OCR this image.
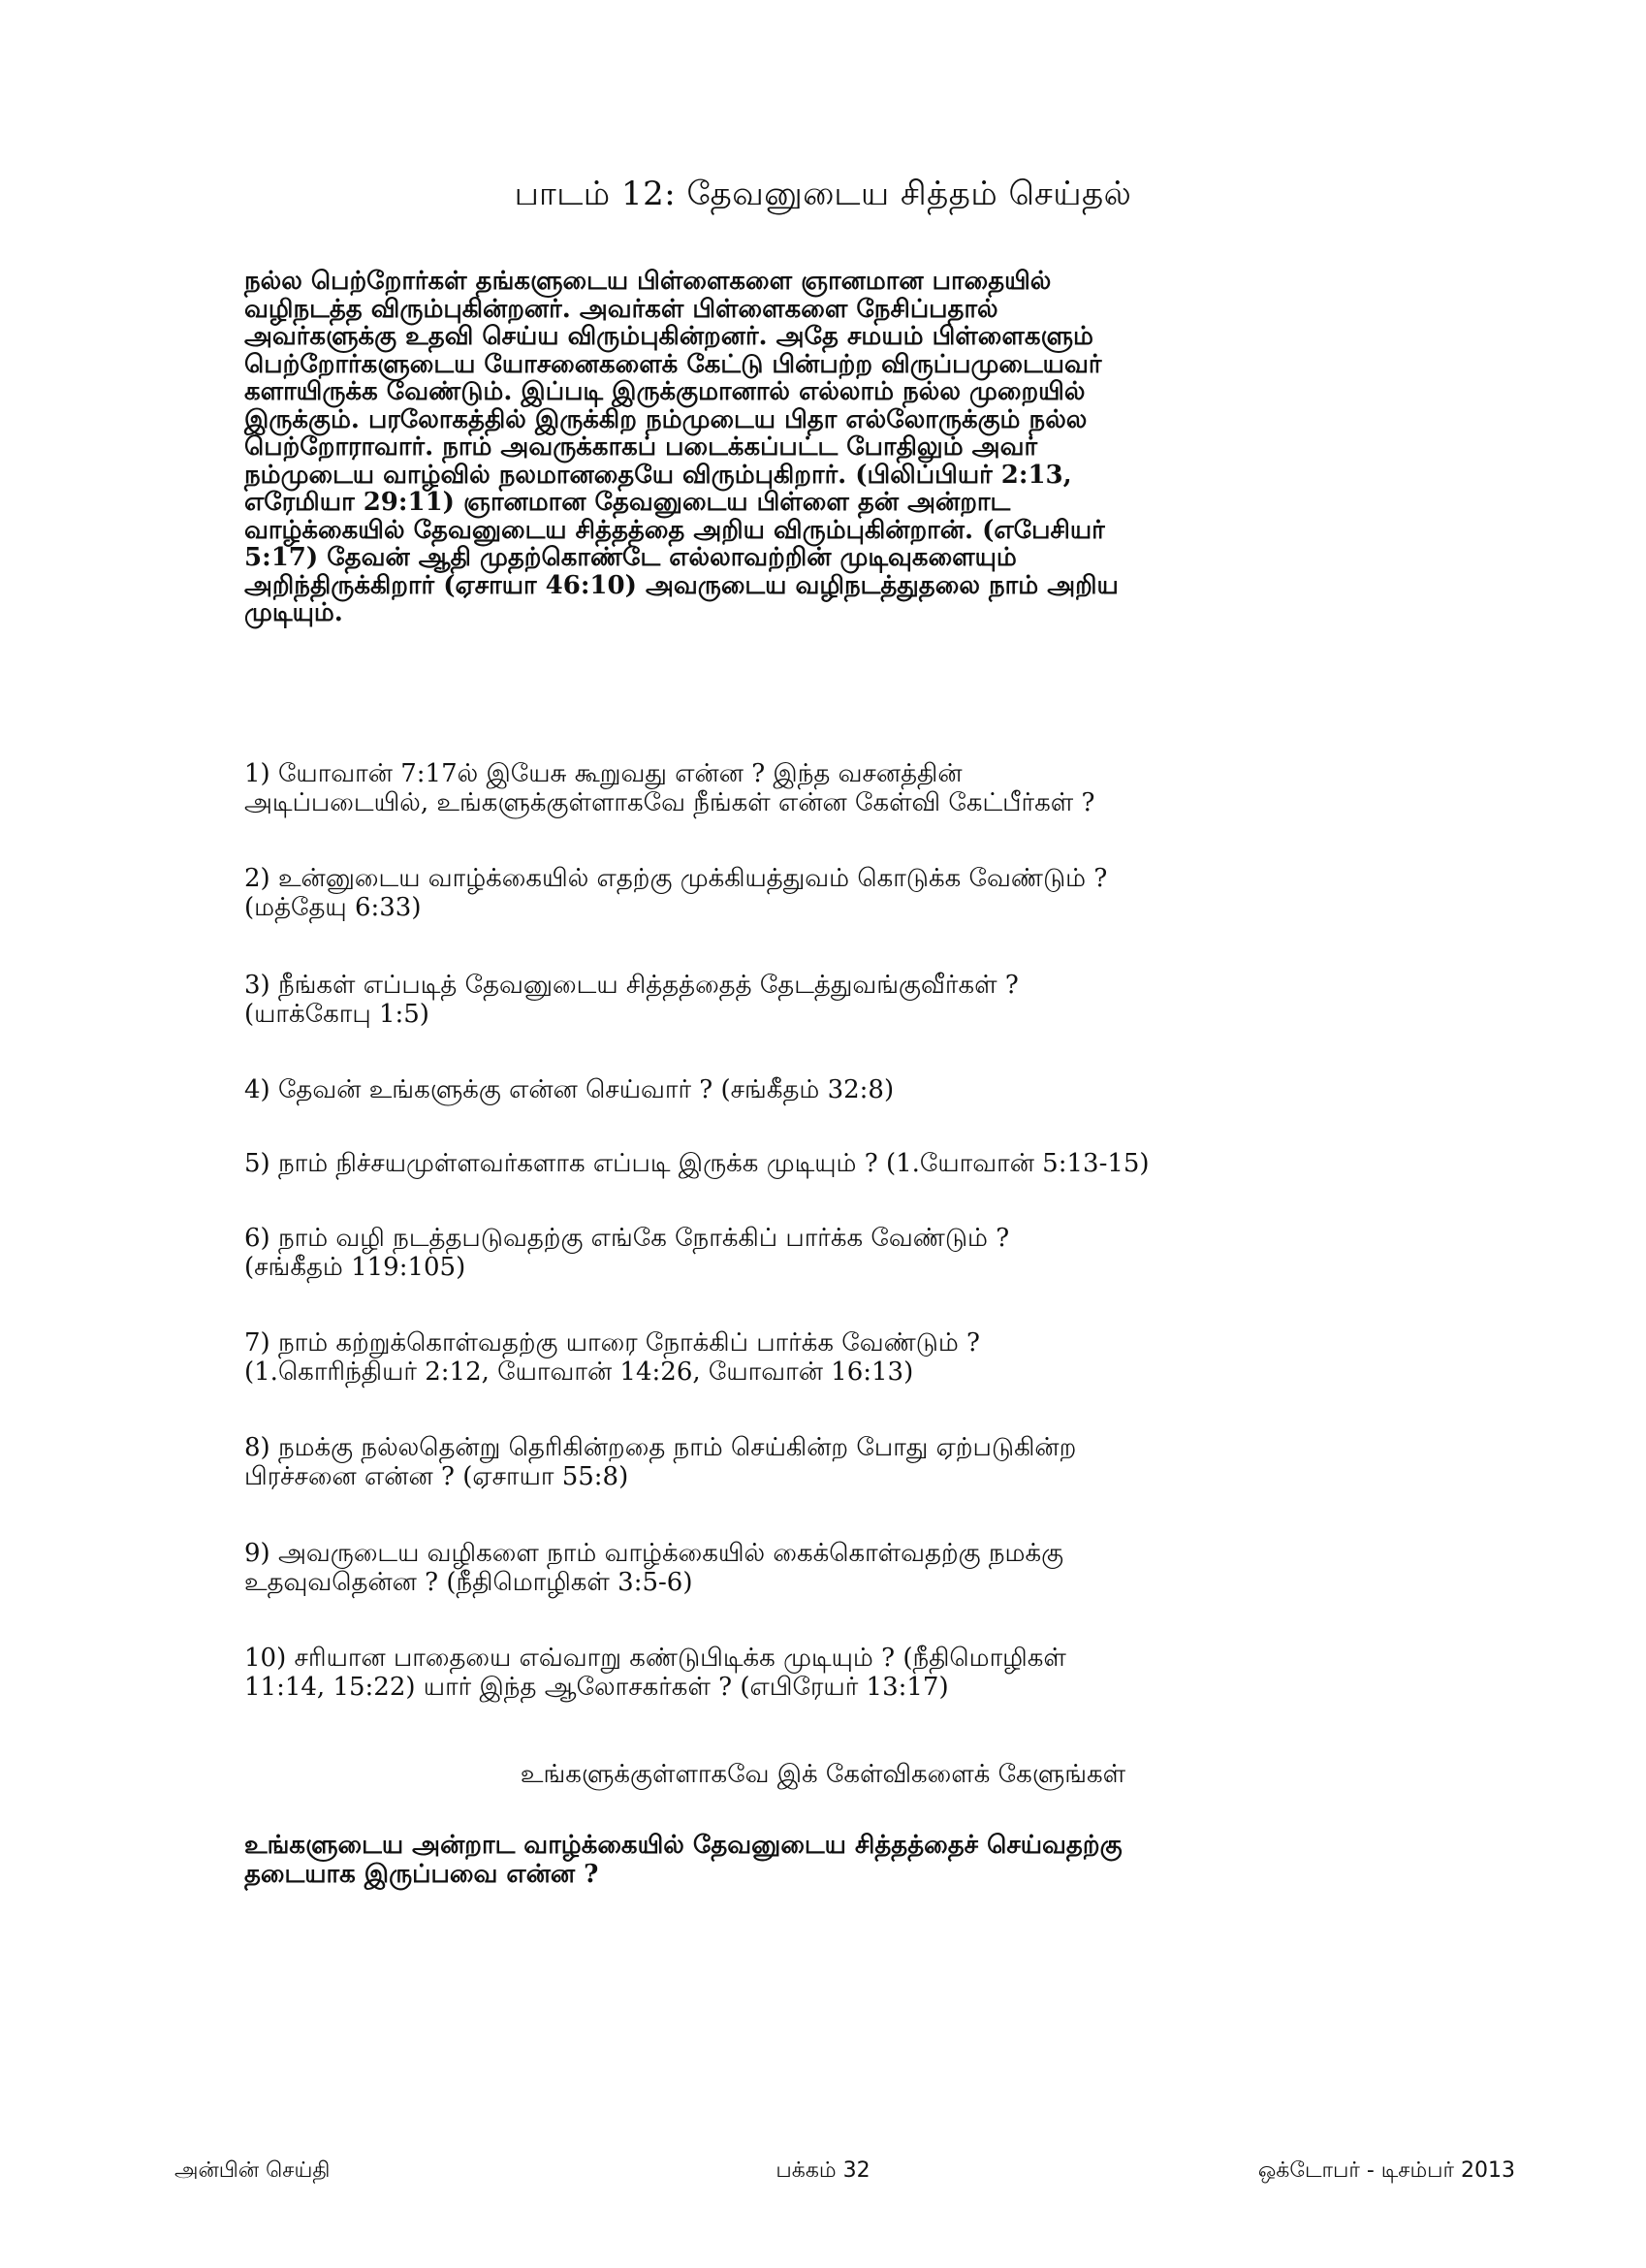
பாடம் 12: தேவனுடைய சித்தம் செய்தல்
நல்ல பெற்றோர்கள் தங்களுடைய பிள்ளைகளை ஞானமான பாதையில்
வழிநடத்த விரும்புகின்றனர். அவர்கள் பிள்ளைகளை நேசிப்பதால்
அவர்களுக்கு உதவி செய்ய விரும்புகின்றனர். அதே சமயம் பிள்ளைகளும்
பெற்றோர்களுடைய யோசனைகளைக் கேட்டு பின்பற்ற விருப்பமுடையவர்
களாயிருக்க வேண்டும். இப்படி இருக்குமானால் எல்லாம் நல்ல முறையில்
இருக்கும். பரலோகத்தில் இருக்கிற நம்முடைய பிதா எல்லோருக்கும் நல்ல
பெற்றோராவார். நாம் அவருக்காகப் படைக்கப்பட்ட போதிலும் அவர்
நம்முடைய வாழ்வில் நலமானதையே விரும்புகிறார். (பிலிப்பியர் 2:13,
எரேமியா 29:11) ஞானமான தேவனுடைய பிள்ளை தன் அன்றாட
வாழ்க்கையில் தேவனுடைய சித்தத்தை அறிய விரும்புகின்றான். (எபேசியர்
5:17) தேவன் ஆதி முதற்கொண்டே எல்லாவற்றின் முடிவுகளையும்
அறிந்திருக்கிறார் (ஏசாயா 46:10) அவருடைய வழிநடத்துதலை நாம் அறிய
முடியும்.
1) யோவான் 7:17ல் இயேசு கூறுவது என்ன ? இந்த வசனத்தின்
அடிப்படையில், உங்களுக்குள்ளாகவே நீங்கள் என்ன கேள்வி கேட்பீர்கள் ?
2) உன்னுடைய வாழ்க்கையில் எதற்கு முக்கியத்துவம் கொடுக்க வேண்டும் ?
(மத்தேயு 6:33)
3) நீங்கள் எப்படித் தேவனுடைய சித்தத்தைத் தேடத்துவங்குவீர்கள் ?
(யாக்கோபு 1:5)
4) தேவன் உங்களுக்கு என்ன செய்வார் ? (சங்கீதம் 32:8)
5) நாம் நிச்சயமுள்ளவர்களாக எப்படி இருக்க முடியும் ? (1.யோவான் 5:13-15)
6) நாம் வழி நடத்தபடுவதற்கு எங்கே நோக்கிப் பார்க்க வேண்டும் ?
(சங்கீதம் 119:105)
7) நாம் கற்றுக்கொள்வதற்கு யாரை நோக்கிப் பார்க்க வேண்டும் ?
(1.கொரிந்தியர் 2:12, யோவான் 14:26, யோவான் 16:13)
8) நமக்கு நல்லதென்று தெரிகின்றதை நாம் செய்கின்ற போது ஏற்படுகின்ற
பிரச்சனை என்ன ? (ஏசாயா 55:8)
9) அவருடைய வழிகளை நாம் வாழ்க்கையில் கைக்கொள்வதற்கு நமக்கு
உதவுவதென்ன ? (நீதிமொழிகள் 3:5-6)
10) சரியான பாதையை எவ்வாறு கண்டுபிடிக்க முடியும் ? (நீதிமொழிகள்
11:14, 15:22) யார் இந்த ஆலோசகர்கள் ? (எபிரேயர் 13:17)
உங்களுக்குள்ளாகவே இக் கேள்விகளைக் கேளுங்கள்
உங்களுடைய அன்றாட வாழ்க்கையில் தேவனுடைய சித்தத்தைச் செய்வதற்கு
தடையாக இருப்பவை என்ன ?
அன்பின் செய்தி	பக்கம் 32	ஒக்டோபர் - டிசம்பர் 2013
